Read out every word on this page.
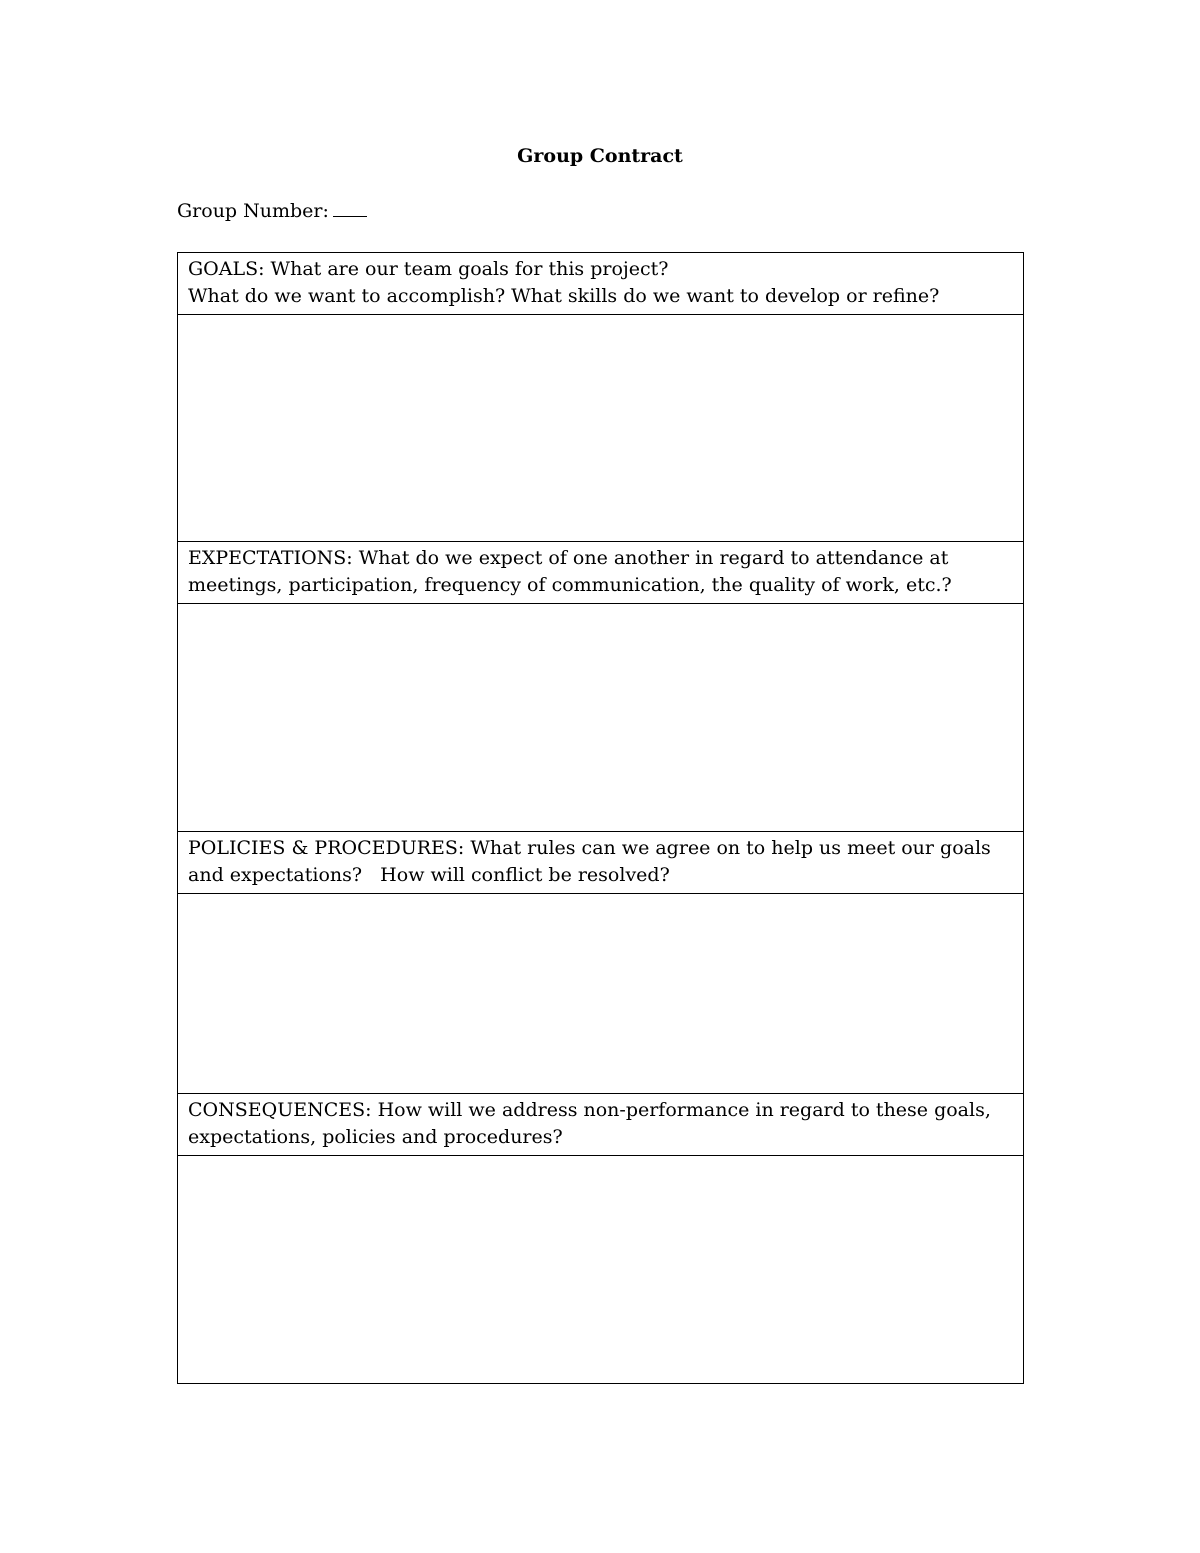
Group Contract
Group Number:
GOALS: What are our team goals for this project?
What do we want to accomplish? What skills do we want to develop or refine?

EXPECTATIONS: What do we expect of one another in regard to attendance at
meetings, participation, frequency of communication, the quality of work, etc.?

POLICIES & PROCEDURES: What rules can we agree on to help us meet our goals
and expectations?   How will conflict be resolved?

CONSEQUENCES: How will we address non-performance in regard to these goals,
expectations, policies and procedures?
